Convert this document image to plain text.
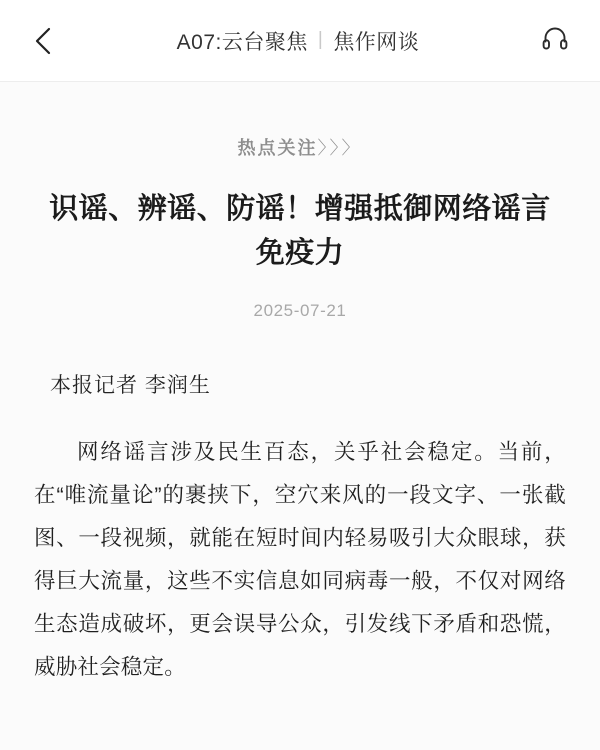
A07:云台聚焦 | 焦作网谈
热点关注〉〉〉
识谣、辨谣、防谣！增强抵御网络谣言免疫力
2025-07-21
本报记者 李润生

网络谣言涉及民生百态，关乎社会稳定。当前，在“唯流量论”的裹挟下，空穴来风的一段文字、一张截图、一段视频，就能在短时间内轻易吸引大众眼球，获得巨大流量，这些不实信息如同病毒一般，不仅对网络生态造成破坏，更会误导公众，引发线下矛盾和恐慌，威胁社会稳定。
